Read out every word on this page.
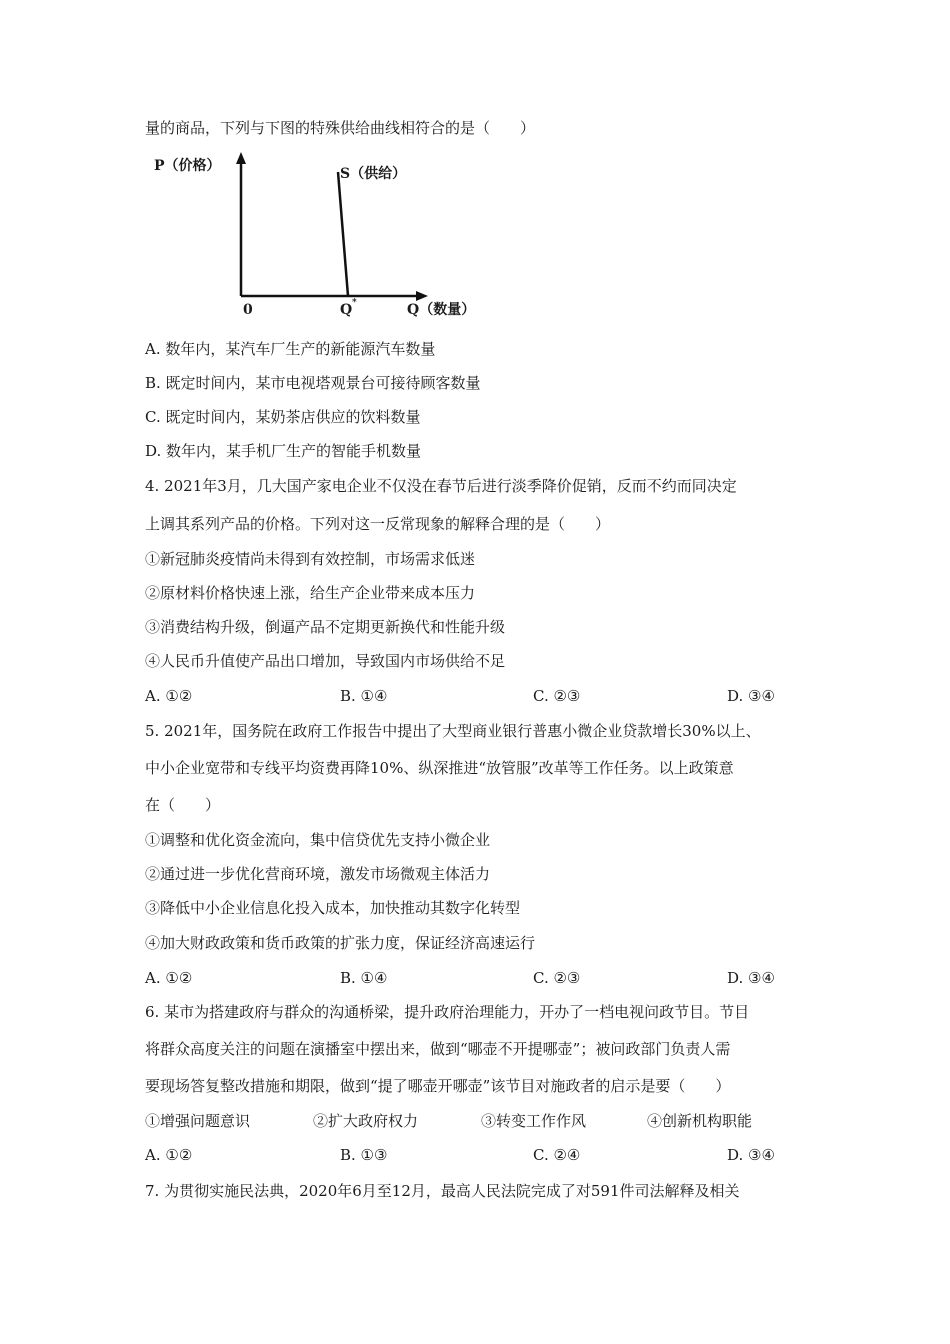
量的商品，下列与下图的特殊供给曲线相符合的是（　　）
P（价格）	S（供给）
0	Q *	Q（数量）
A. 数年内，某汽车厂生产的新能源汽车数量
B. 既定时间内，某市电视塔观景台可接待顾客数量
C. 既定时间内，某奶茶店供应的饮料数量
D. 数年内，某手机厂生产的智能手机数量
4. 2021年3月，几大国产家电企业不仅没在春节后进行淡季降价促销，反而不约而同决定
上调其系列产品的价格。下列对这一反常现象的解释合理的是（　　）
①新冠肺炎疫情尚未得到有效控制，市场需求低迷
②原材料价格快速上涨，给生产企业带来成本压力
③消费结构升级，倒逼产品不定期更新换代和性能升级
④人民币升值使产品出口增加，导致国内市场供给不足
A. ①②	B. ①④	C. ②③	D. ③④
5. 2021年，国务院在政府工作报告中提出了大型商业银行普惠小微企业贷款增长30%以上、
中小企业宽带和专线平均资费再降10%、纵深推进“放管服”改革等工作任务。以上政策意
在（　　）
①调整和优化资金流向，集中信贷优先支持小微企业
②通过进一步优化营商环境，激发市场微观主体活力
③降低中小企业信息化投入成本，加快推动其数字化转型
④加大财政政策和货币政策的扩张力度，保证经济高速运行
A. ①②	B. ①④	C. ②③	D. ③④
6. 某市为搭建政府与群众的沟通桥梁，提升政府治理能力，开办了一档电视问政节目。节目
将群众高度关注的问题在演播室中摆出来，做到“哪壶不开提哪壶”；被问政部门负责人需
要现场答复整改措施和期限，做到“提了哪壶开哪壶”该节目对施政者的启示是要（　　）
①增强问题意识	②扩大政府权力	③转变工作作风	④创新机构职能
A. ①②	B. ①③	C. ②④	D. ③④
7. 为贯彻实施民法典，2020年6月至12月，最高人民法院完成了对591件司法解释及相关
